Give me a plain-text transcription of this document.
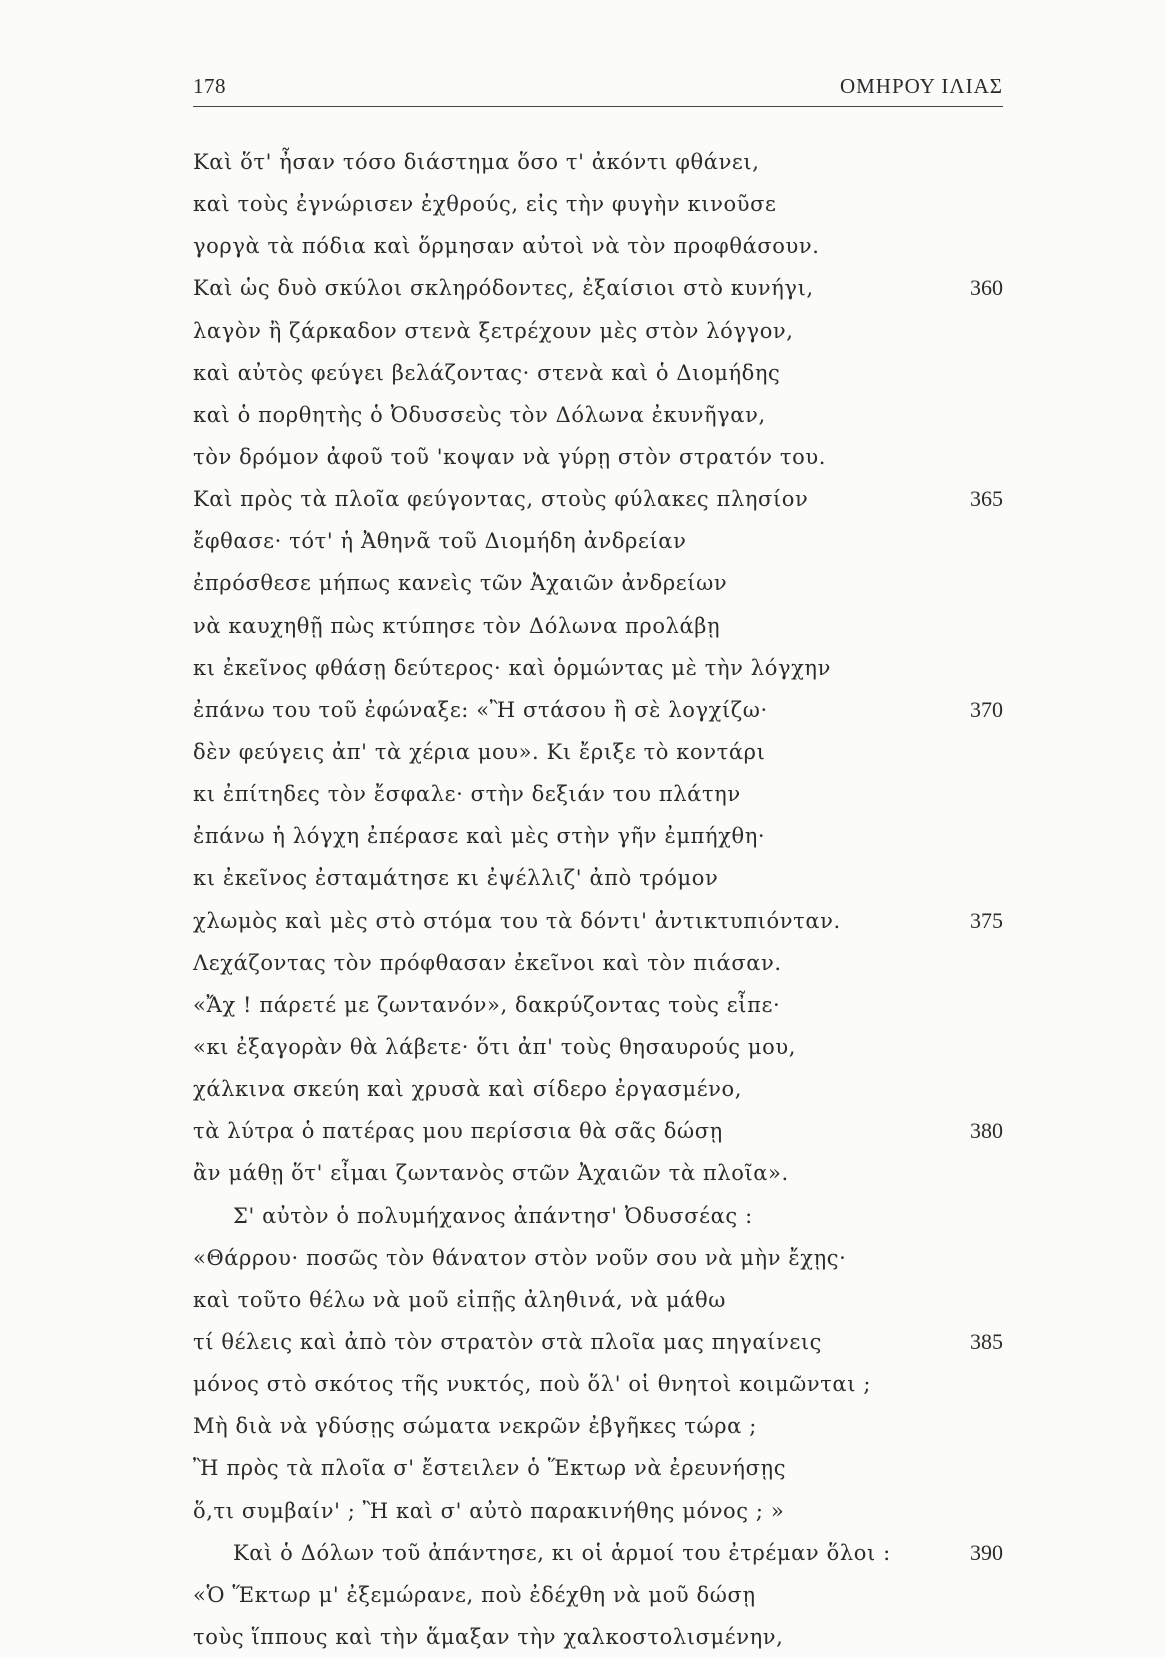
178	ΟΜΗΡΟΥ ΙΛΙΑΣ
Καὶ ὅτ' ἦσαν τόσο διάστημα ὅσο τ' ἀκόντι φθάνει,
καὶ τοὺς ἐγνώρισεν ἐχθρούς, εἰς τὴν φυγὴν κινοῦσε
γοργὰ τὰ πόδια καὶ ὅρμησαν αὐτοὶ νὰ τὸν προφθάσουν.
Καὶ ὡς δυὸ σκύλοι σκληρόδοντες, ἐξαίσιοι στὸ κυνήγι,	360
λαγὸν ἢ ζάρκαδον στενὰ ξετρέχουν μὲς στὸν λόγγον,
καὶ αὐτὸς φεύγει βελάζοντας· στενὰ καὶ ὁ Διομήδης
καὶ ὁ πορθητὴς ὁ Ὀδυσσεὺς τὸν Δόλωνα ἐκυνῆγαν,
τὸν δρόμον ἀφοῦ τοῦ 'κοψαν νὰ γύρῃ στὸν στρατόν του.
Καὶ πρὸς τὰ πλοῖα φεύγοντας, στοὺς φύλακες πλησίον	365
ἔφθασε· τότ' ἡ Ἀθηνᾶ τοῦ Διομήδη ἀνδρείαν
ἐπρόσθεσε μήπως κανεὶς τῶν Ἀχαιῶν ἀνδρείων
νὰ καυχηθῇ πὼς κτύπησε τὸν Δόλωνα προλάβῃ
κι ἐκεῖνος φθάσῃ δεύτερος· καὶ ὁρμώντας μὲ τὴν λόγχην
ἐπάνω του τοῦ ἐφώναξε: «Ἢ στάσου ἢ σὲ λογχίζω·	370
δὲν φεύγεις ἀπ' τὰ χέρια μου». Κι ἔριξε τὸ κοντάρι
κι ἐπίτηδες τὸν ἔσφαλε· στὴν δεξιάν του πλάτην
ἐπάνω ἡ λόγχη ἐπέρασε καὶ μὲς στὴν γῆν ἐμπήχθη·
κι ἐκεῖνος ἐσταμάτησε κι ἐψέλλιζ' ἀπὸ τρόμον
χλωμὸς καὶ μὲς στὸ στόμα του τὰ δόντι' ἀντικτυπιόνταν.	375
Λεχάζοντας τὸν πρόφθασαν ἐκεῖνοι καὶ τὸν πιάσαν.
«Ἄχ ! πάρετέ με ζωντανόν», δακρύζοντας τοὺς εἶπε·
«κι ἐξαγορὰν θὰ λάβετε· ὅτι ἀπ' τοὺς θησαυρούς μου,
χάλκινα σκεύη καὶ χρυσὰ καὶ σίδερο ἐργασμένο,
τὰ λύτρα ὁ πατέρας μου περίσσια θὰ σᾶς δώσῃ	380
ἂν μάθῃ ὅτ' εἶμαι ζωντανὸς στῶν Ἀχαιῶν τὰ πλοῖα».
Σ' αὐτὸν ὁ πολυμήχανος ἀπάντησ' Ὀδυσσέας :
«Θάρρου· ποσῶς τὸν θάνατον στὸν νοῦν σου νὰ μὴν ἔχῃς·
καὶ τοῦτο θέλω νὰ μοῦ εἰπῇς ἀληθινά, νὰ μάθω
τί θέλεις καὶ ἀπὸ τὸν στρατὸν στὰ πλοῖα μας πηγαίνεις	385
μόνος στὸ σκότος τῆς νυκτός, ποὺ ὅλ' οἱ θνητοὶ κοιμῶνται ;
Μὴ διὰ νὰ γδύσῃς σώματα νεκρῶν ἐβγῆκες τώρα ;
Ἢ πρὸς τὰ πλοῖα σ' ἔστειλεν ὁ Ἕκτωρ νὰ ἐρευνήσῃς
ὅ,τι συμβαίν' ; Ἢ καὶ σ' αὐτὸ παρακινήθης μόνος ; »
Καὶ ὁ Δόλων τοῦ ἀπάντησε, κι οἱ ἁρμοί του ἐτρέμαν ὅλοι :	390
«Ὁ Ἕκτωρ μ' ἐξεμώρανε, ποὺ ἐδέχθη νὰ μοῦ δώσῃ
τοὺς ἵππους καὶ τὴν ἅμαξαν τὴν χαλκοστολισμένην,
